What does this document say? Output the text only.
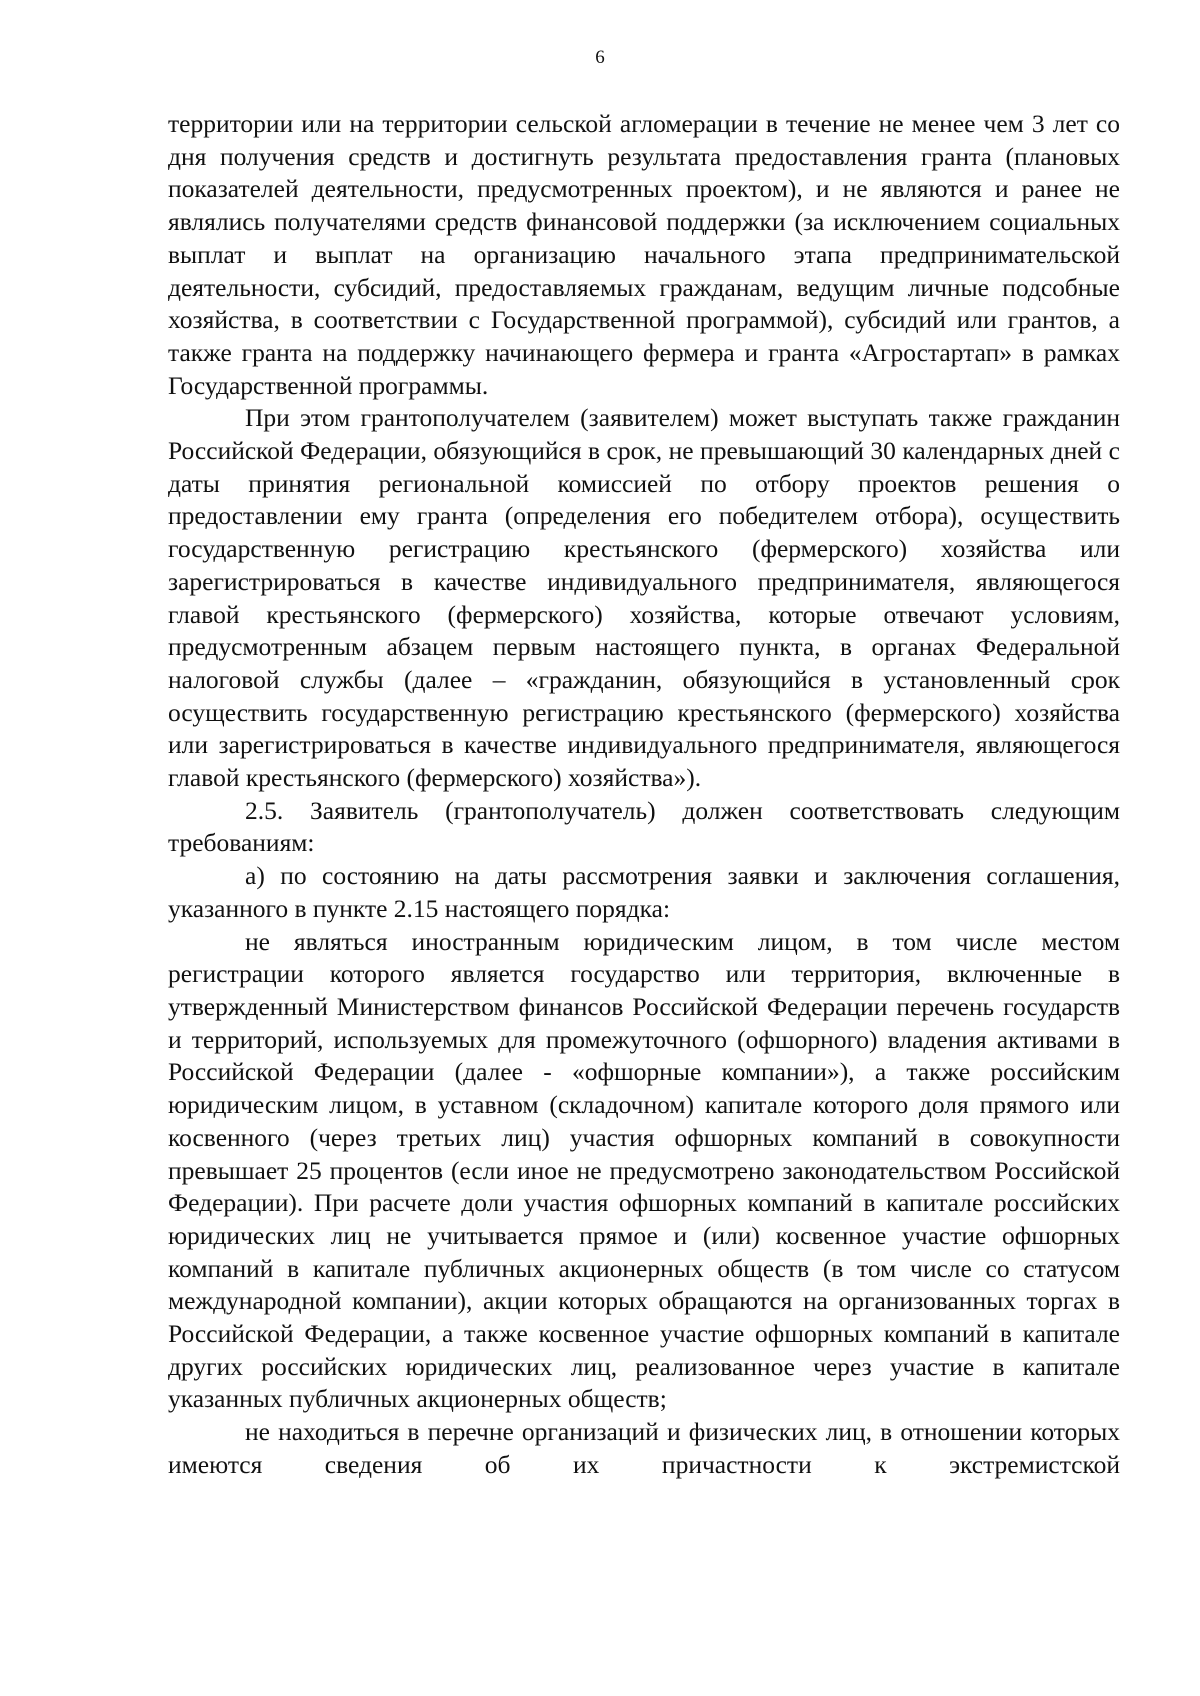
6

территории или на территории сельской агломерации в течение не менее чем 3 лет со дня получения средств и достигнуть результата предоставления гранта (плановых показателей деятельности, предусмотренных проектом), и не являются и ранее не являлись получателями средств финансовой поддержки (за исключением социальных выплат и выплат на организацию начального этапа предпринимательской деятельности, субсидий, предоставляемых гражданам, ведущим личные подсобные хозяйства, в соответствии с Государственной программой), субсидий или грантов, а также гранта на поддержку начинающего фермера и гранта «Агростартап» в рамках Государственной программы.

При этом грантополучателем (заявителем) может выступать также гражданин Российской Федерации, обязующийся в срок, не превышающий 30 календарных дней с даты принятия региональной комиссией по отбору проектов решения о предоставлении ему гранта (определения его победителем отбора), осуществить государственную регистрацию крестьянского (фермерского) хозяйства или зарегистрироваться в качестве индивидуального предпринимателя, являющегося главой крестьянского (фермерского) хозяйства, которые отвечают условиям, предусмотренным абзацем первым настоящего пункта, в органах Федеральной налоговой службы (далее – «гражданин, обязующийся в установленный срок осуществить государственную регистрацию крестьянского (фермерского) хозяйства или зарегистрироваться в качестве индивидуального предпринимателя, являющегося главой крестьянского (фермерского) хозяйства»).

2.5. Заявитель (грантополучатель) должен соответствовать следующим требованиям:

а) по состоянию на даты рассмотрения заявки и заключения соглашения, указанного в пункте 2.15 настоящего порядка:

не являться иностранным юридическим лицом, в том числе местом регистрации которого является государство или территория, включенные в утвержденный Министерством финансов Российской Федерации перечень государств и территорий, используемых для промежуточного (офшорного) владения активами в Российской Федерации (далее - «офшорные компании»), а также российским юридическим лицом, в уставном (складочном) капитале которого доля прямого или косвенного (через третьих лиц) участия офшорных компаний в совокупности превышает 25 процентов (если иное не предусмотрено законодательством Российской Федерации). При расчете доли участия офшорных компаний в капитале российских юридических лиц не учитывается прямое и (или) косвенное участие офшорных компаний в капитале публичных акционерных обществ (в том числе со статусом международной компании), акции которых обращаются на организованных торгах в Российской Федерации, а также косвенное участие офшорных компаний в капитале других российских юридических лиц, реализованное через участие в капитале указанных публичных акционерных обществ;

не находиться в перечне организаций и физических лиц, в отношении которых имеются сведения об их причастности к экстремистской
